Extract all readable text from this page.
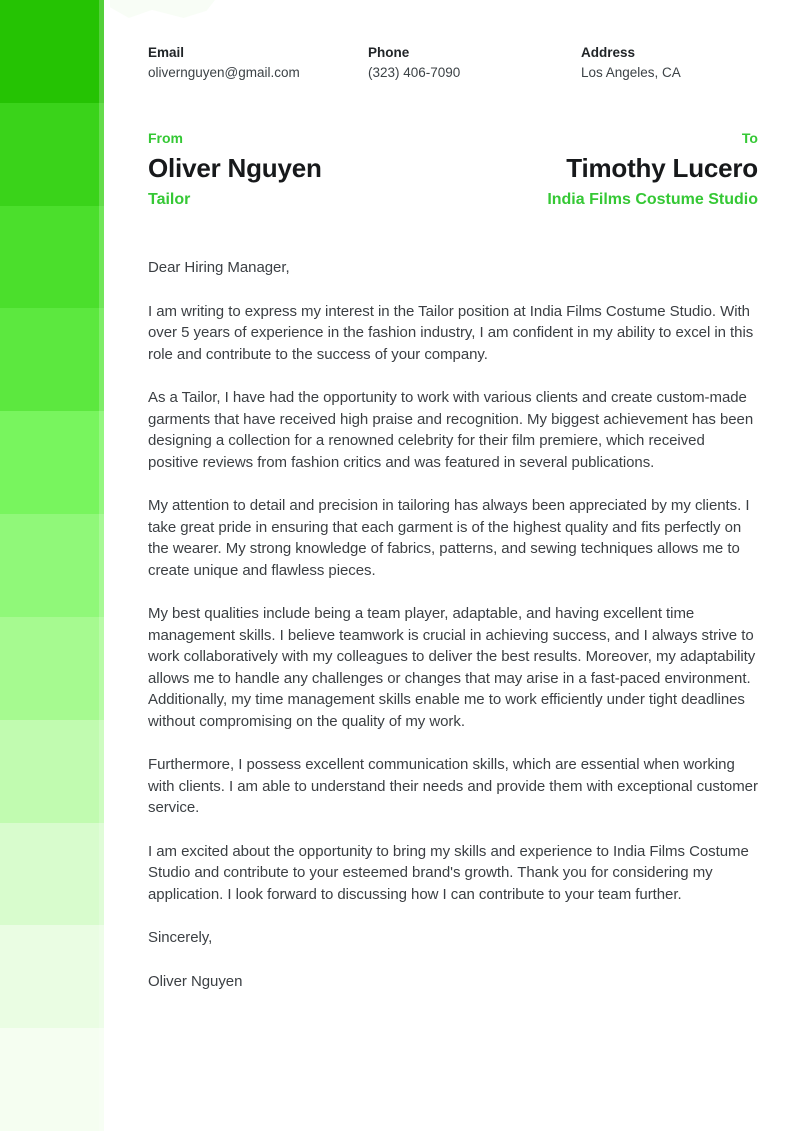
Email
olivernguyen@gmail.com
Phone
(323) 406-7090
Address
Los Angeles, CA
From
Oliver Nguyen
Tailor
To
Timothy Lucero
India Films Costume Studio

Dear Hiring Manager,

I am writing to express my interest in the Tailor position at India Films Costume Studio. With over 5 years of experience in the fashion industry, I am confident in my ability to excel in this role and contribute to the success of your company.

As a Tailor, I have had the opportunity to work with various clients and create custom-made garments that have received high praise and recognition. My biggest achievement has been designing a collection for a renowned celebrity for their film premiere, which received positive reviews from fashion critics and was featured in several publications.

My attention to detail and precision in tailoring has always been appreciated by my clients. I take great pride in ensuring that each garment is of the highest quality and fits perfectly on the wearer. My strong knowledge of fabrics, patterns, and sewing techniques allows me to create unique and flawless pieces.

My best qualities include being a team player, adaptable, and having excellent time management skills. I believe teamwork is crucial in achieving success, and I always strive to work collaboratively with my colleagues to deliver the best results. Moreover, my adaptability allows me to handle any challenges or changes that may arise in a fast-paced environment. Additionally, my time management skills enable me to work efficiently under tight deadlines without compromising on the quality of my work.

Furthermore, I possess excellent communication skills, which are essential when working with clients. I am able to understand their needs and provide them with exceptional customer service.

I am excited about the opportunity to bring my skills and experience to India Films Costume Studio and contribute to your esteemed brand's growth. Thank you for considering my application. I look forward to discussing how I can contribute to your team further.

Sincerely,

Oliver Nguyen
